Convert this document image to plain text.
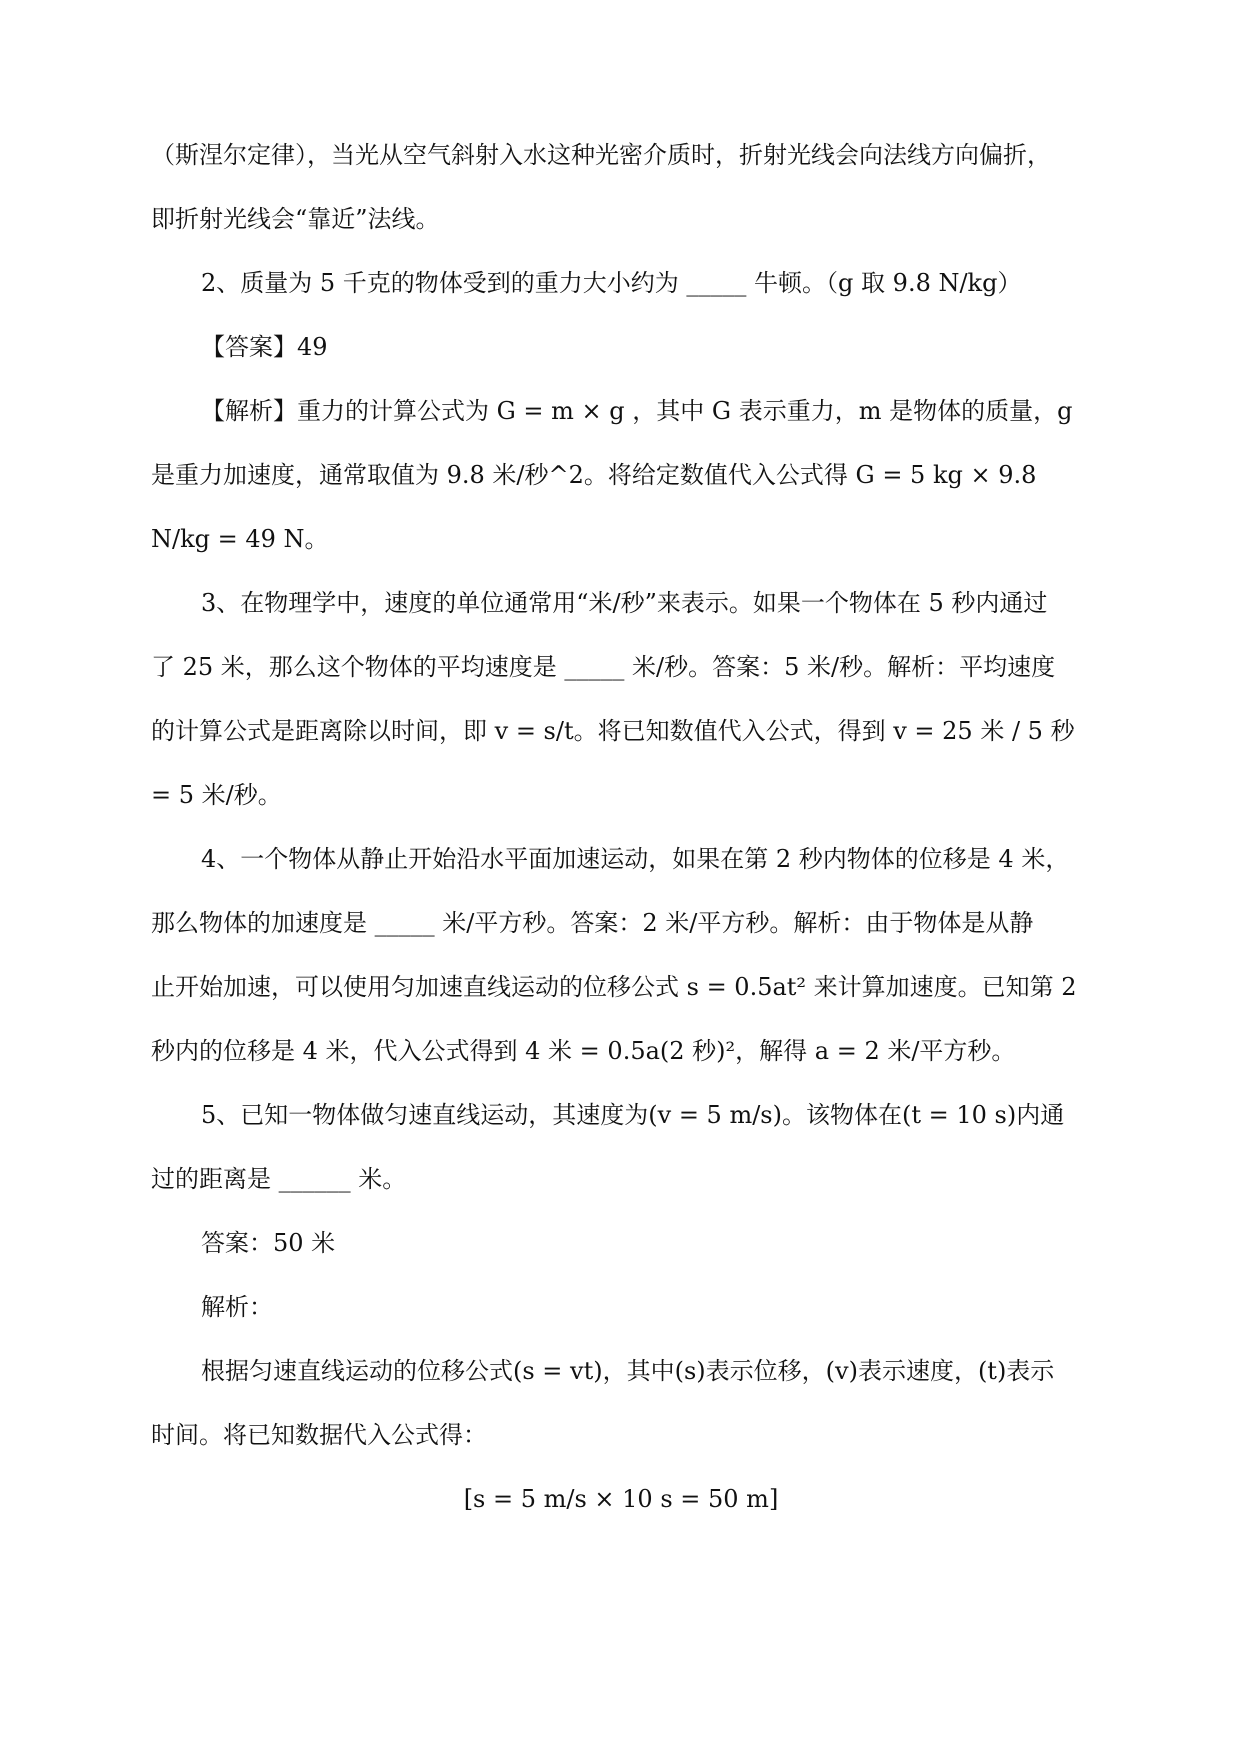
（斯涅尔定律），当光从空气斜射入水这种光密介质时，折射光线会向法线方向偏折，
即折射光线会“靠近”法线。
2、质量为 5 千克的物体受到的重力大小约为 _____ 牛顿。（g 取 9.8 N/kg）
【答案】49
【解析】重力的计算公式为 G = m × g ，其中 G 表示重力，m 是物体的质量，g
是重力加速度，通常取值为 9.8 米/秒^2。将给定数值代入公式得 G = 5 kg × 9.8
N/kg = 49 N。
3、在物理学中，速度的单位通常用“米/秒”来表示。如果一个物体在 5 秒内通过
了 25 米，那么这个物体的平均速度是 _____ 米/秒。答案：5 米/秒。解析：平均速度
的计算公式是距离除以时间，即 v = s/t。将已知数值代入公式，得到 v = 25 米 / 5 秒
= 5 米/秒。
4、一个物体从静止开始沿水平面加速运动，如果在第 2 秒内物体的位移是 4 米，
那么物体的加速度是 _____ 米/平方秒。答案：2 米/平方秒。解析：由于物体是从静
止开始加速，可以使用匀加速直线运动的位移公式 s = 0.5at² 来计算加速度。已知第 2
秒内的位移是 4 米，代入公式得到 4 米 = 0.5a(2 秒)²，解得 a = 2 米/平方秒。
5、已知一物体做匀速直线运动，其速度为(v = 5 m/s)。该物体在(t = 10 s)内通
过的距离是 ______ 米。
答案：50 米
解析：
根据匀速直线运动的位移公式(s = vt)，其中(s)表示位移，(v)表示速度，(t)表示
时间。将已知数据代入公式得：
[s = 5 m/s × 10 s = 50 m]
